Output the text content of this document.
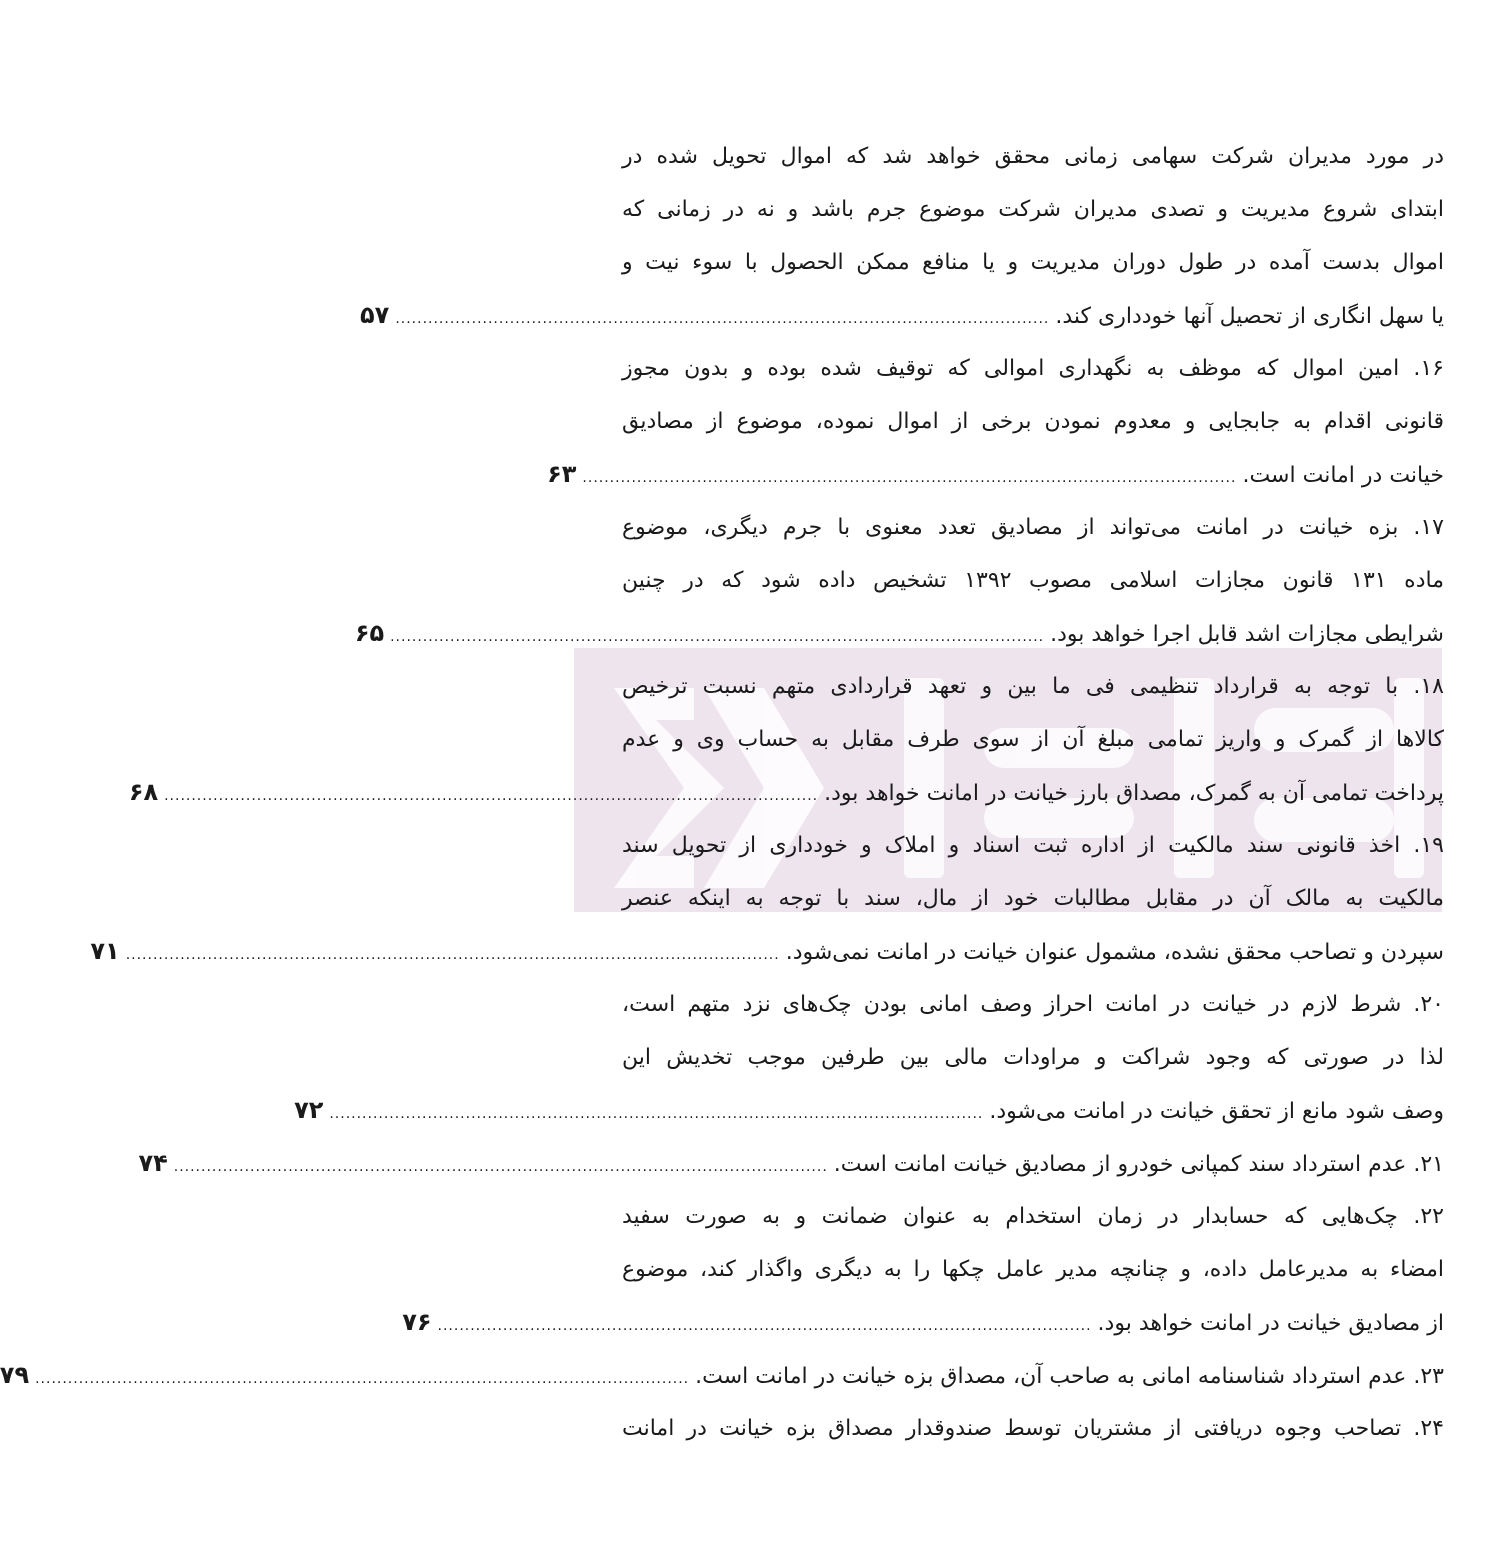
در مورد مدیران شرکت سهامی زمانی محقق خواهد شد که اموال تحویل شده در
ابتدای شروع مدیریت و تصدی مدیران شرکت موضوع جرم باشد و نه در زمانی که
اموال بدست آمده در طول دوران مدیریت و یا منافع ممکن الحصول با سوء نیت و
یا سهل انگاری از تحصیل آنها خودداری کند.
........................................................................................................................
۵۷
۱۶. امین اموال که موظف به نگهداری اموالی که توقیف شده بوده و بدون مجوز
قانونی اقدام به جابجایی و معدوم نمودن برخی از اموال نموده، موضوع از مصادیق
خیانت در امانت است.
........................................................................................................................
۶۳
۱۷. بزه خیانت در امانت می‌تواند از مصادیق تعدد معنوی با جرم دیگری، موضوع
ماده ۱۳۱ قانون مجازات اسلامی مصوب ۱۳۹۲ تشخیص داده شود که در چنین
شرایطی مجازات اشد قابل اجرا خواهد بود.
........................................................................................................................
۶۵
۱۸. با توجه به قرارداد تنظیمی فی ما بین و تعهد قراردادی متهم نسبت ترخیص
کالاها از گمرک و واریز تمامی مبلغ آن از سوی طرف مقابل به حساب وی و عدم
پرداخت تمامی آن به گمرک، مصداق بارز خیانت در امانت خواهد بود.
........................................................................................................................
۶۸
۱۹. اخذ قانونی سند مالکیت از اداره ثبت اسناد و املاک و خودداری از تحویل سند
مالکیت به مالک آن در مقابل مطالبات خود از مال، سند با توجه به اینکه عنصر
سپردن و تصاحب محقق نشده، مشمول عنوان خیانت در امانت نمی‌شود.
........................................................................................................................
۷۱
۲۰. شرط لازم در خیانت در امانت احراز وصف امانی بودن چک‌های نزد متهم است،
لذا در صورتی که وجود شراکت و مراودات مالی بین طرفین موجب تخدیش این
وصف شود مانع از تحقق خیانت در امانت می‌شود.
........................................................................................................................
۷۲
۲۱. عدم استرداد سند کمپانی خودرو از مصادیق خیانت امانت است.
........................................................................................................................
۷۴
۲۲. چک‌هایی که حسابدار در زمان استخدام به عنوان ضمانت و به صورت سفید
امضاء به مدیرعامل داده، و چنانچه مدیر عامل چکها را به دیگری واگذار کند، موضوع
از مصادیق خیانت در امانت خواهد بود.
........................................................................................................................
۷۶
۲۳. عدم استرداد شناسنامه امانی به صاحب آن، مصداق بزه خیانت در امانت است.
........................................................................................................................
۷۹
۲۴. تصاحب وجوه دریافتی از مشتریان توسط صندوقدار مصداق بزه خیانت در امانت
